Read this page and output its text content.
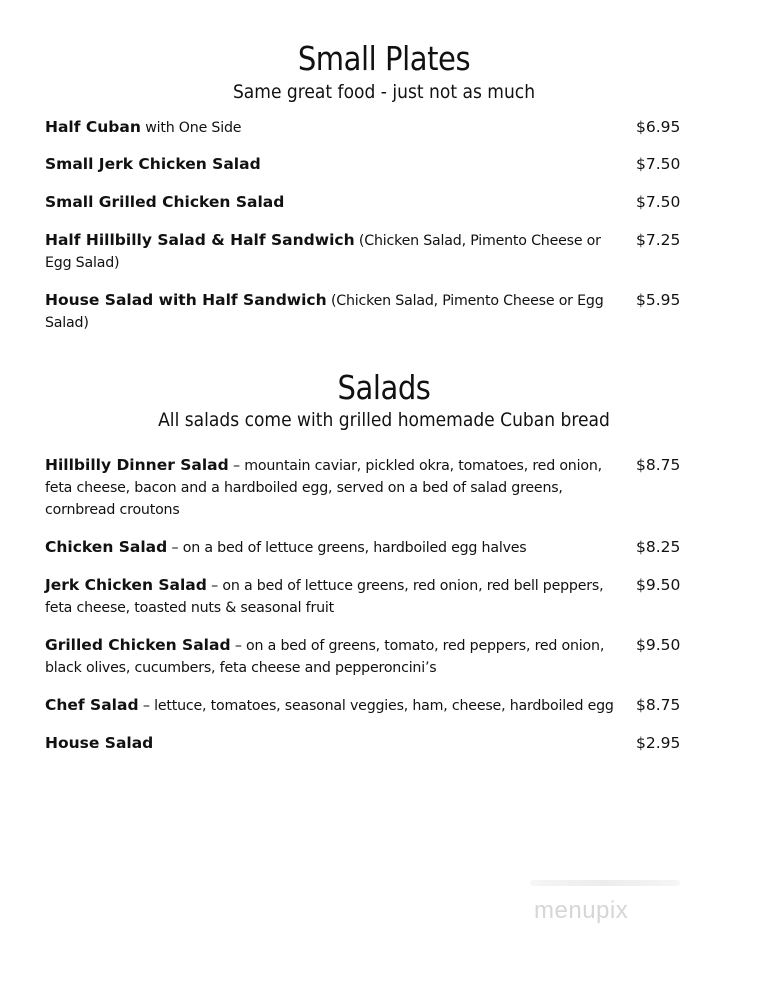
Small Plates
Same great food - just not as much
Half Cuban with One Side	$6.95
Small Jerk Chicken Salad	$7.50
Small Grilled Chicken Salad	$7.50
Half Hillbilly Salad & Half Sandwich (Chicken Salad, Pimento Cheese or Egg Salad)
$7.25
House Salad with Half Sandwich (Chicken Salad, Pimento Cheese or Egg Salad)
$5.95
Salads
All salads come with grilled homemade Cuban bread
Hillbilly Dinner Salad – mountain caviar, pickled okra, tomatoes, red onion, feta cheese, bacon and a hardboiled egg, served on a bed of salad greens, cornbread croutons
$8.75
Chicken Salad – on a bed of lettuce greens, hardboiled egg halves	$8.25
Jerk Chicken Salad – on a bed of lettuce greens, red onion, red bell peppers, feta cheese, toasted nuts & seasonal fruit
$9.50
Grilled Chicken Salad – on a bed of greens, tomato, red peppers, red onion, black olives, cucumbers, feta cheese and pepperoncini’s
$9.50
Chef Salad – lettuce, tomatoes, seasonal veggies, ham, cheese, hardboiled egg	$8.75
House Salad	$2.95
menupix
